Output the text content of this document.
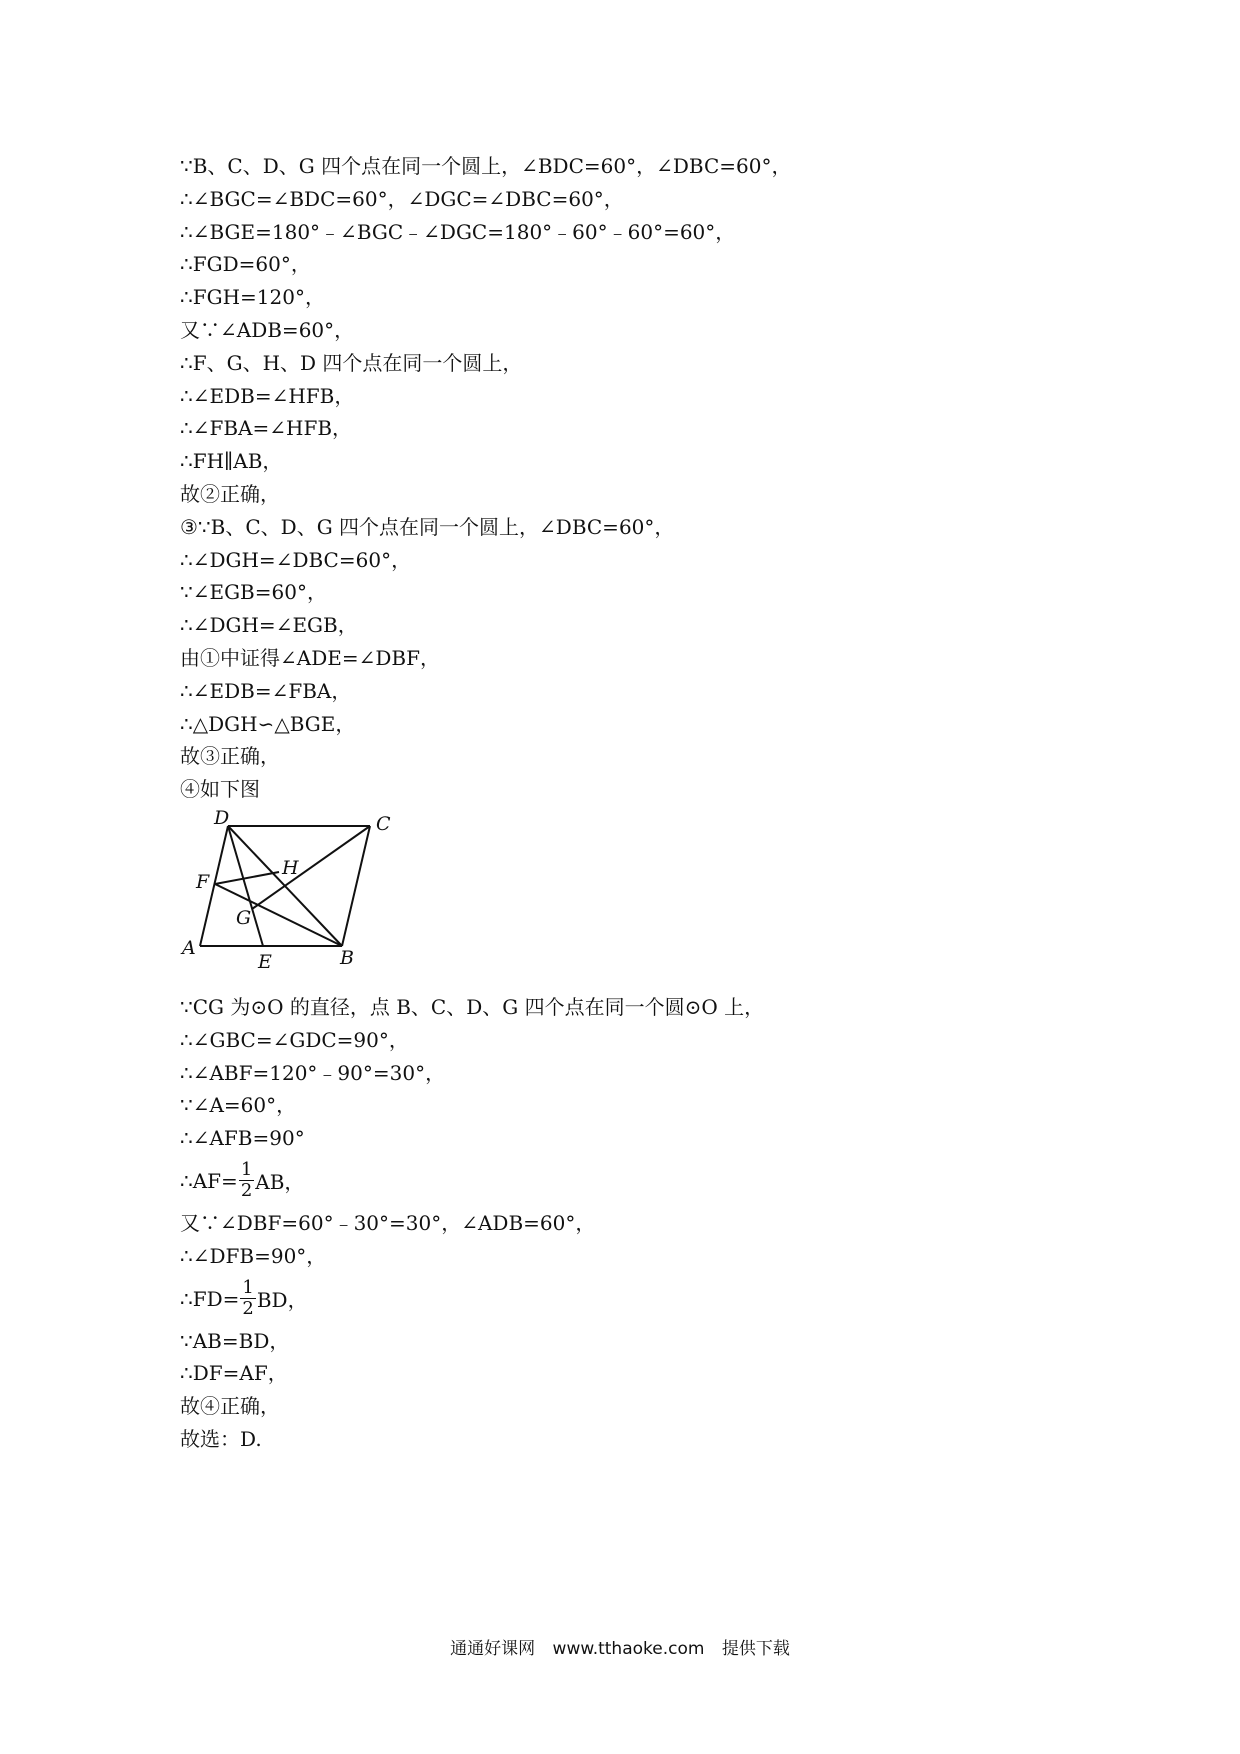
∵B、C、D、G 四个点在同一个圆上，∠BDC=60°，∠DBC=60°，
∴∠BGC=∠BDC=60°，∠DGC=∠DBC=60°，
∴∠BGE=180°﹣∠BGC﹣∠DGC=180°﹣60°﹣60°=60°，
∴FGD=60°，
∴FGH=120°，
又∵∠ADB=60°，
∴F、G、H、D 四个点在同一个圆上，
∴∠EDB=∠HFB，
∴∠FBA=∠HFB，
∴FH∥AB，
故②正确，
③∵B、C、D、G 四个点在同一个圆上，∠DBC=60°，
∴∠DGH=∠DBC=60°，
∵∠EGB=60°，
∴∠DGH=∠EGB，
由①中证得∠ADE=∠DBF，
∴∠EDB=∠FBA，
∴△DGH∽△BGE，
故③正确，
④如下图
D	C
F
H
G
A
E	B
∵CG 为⊙O 的直径，点 B、C、D、G 四个点在同一个圆⊙O 上，
∴∠GBC=∠GDC=90°，
∴∠ABF=120°﹣90°=30°，
∵∠A=60°，
∴∠AFB=90°
∴AF= $\frac{1}{2}$ AB，
又∵∠DBF=60°﹣30°=30°，∠ADB=60°，
∴∠DFB=90°，
∴FD= $\frac{1}{2}$ BD，
∵AB=BD，
∴DF=AF，
故④正确，
故选：D.
通通好课网 www.tthaoke.com 提供下载
